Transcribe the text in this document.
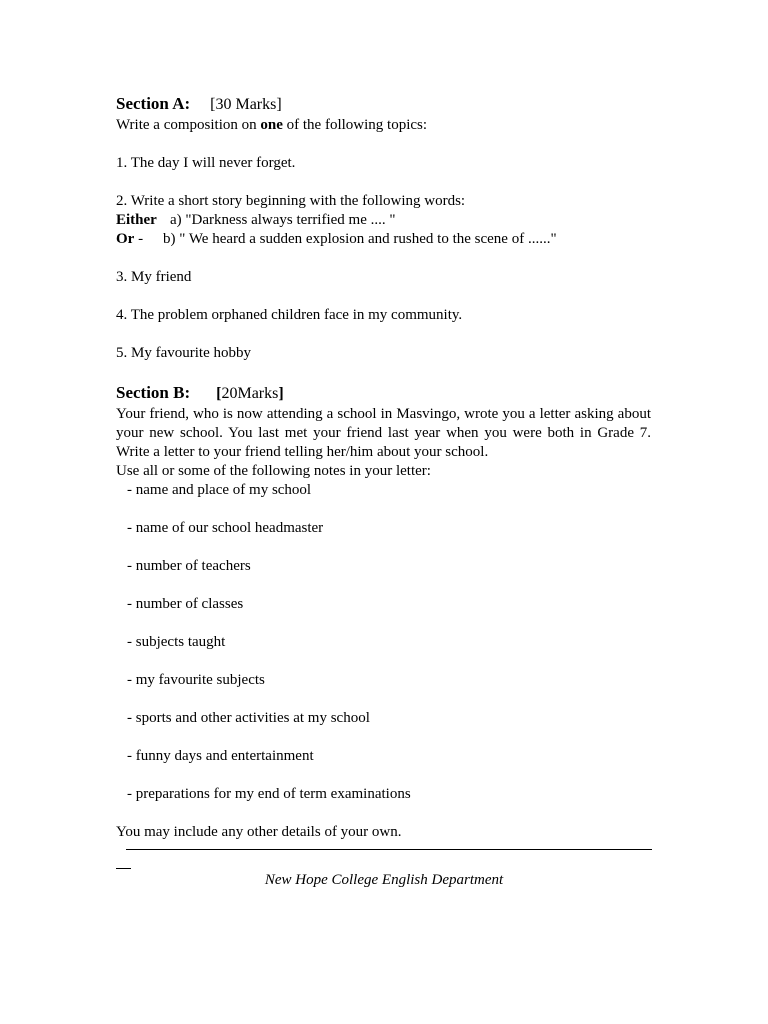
Section A: [30 Marks]

Write a composition on one of the following topics:

1. The day I will never forget.

2. Write a short story beginning with the following words:

Either a) "Darkness always terrified me .... "

Or - b) " We heard a sudden explosion and rushed to the scene of ......"

3. My friend

4. The problem orphaned children face in my community.

5. My favourite hobby

Section B: [20Marks]

Your friend, who is now attending a school in Masvingo, wrote you a letter asking about your new school. You last met your friend last year when you were both in Grade 7. Write a letter to your friend telling her/him about your school.

Use all or some of the following notes in your letter:

- name and place of my school

- name of our school headmaster

- number of teachers

- number of classes

- subjects taught

- my favourite subjects

- sports and other activities at my school

- funny days and entertainment

- preparations for my end of term examinations

You may include any other details of your own.

New Hope College English Department
